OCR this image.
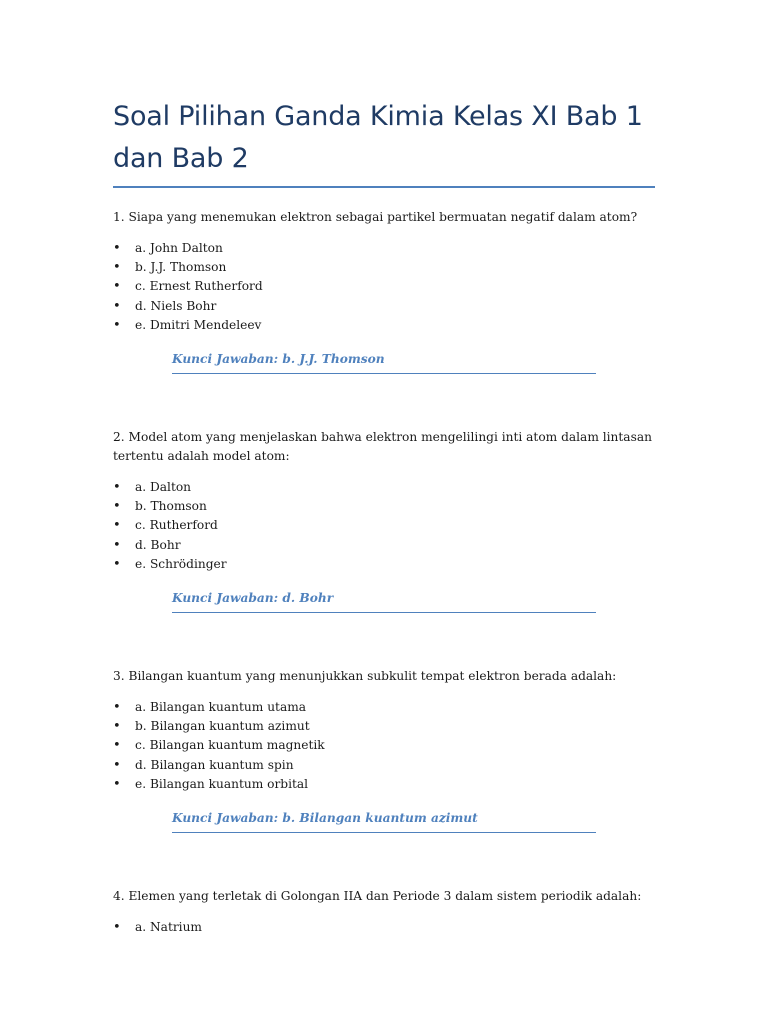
Soal Pilihan Ganda Kimia Kelas XI Bab 1 dan Bab 2

1. Siapa yang menemukan elektron sebagai partikel bermuatan negatif dalam atom?

• a. John Dalton
• b. J.J. Thomson
• c. Ernest Rutherford
• d. Niels Bohr
• e. Dmitri Mendeleev
Kunci Jawaban: b. J.J. Thomson

2. Model atom yang menjelaskan bahwa elektron mengelilingi inti atom dalam lintasan tertentu adalah model atom:

• a. Dalton
• b. Thomson
• c. Rutherford
• d. Bohr
• e. Schrödinger
Kunci Jawaban: d. Bohr

3. Bilangan kuantum yang menunjukkan subkulit tempat elektron berada adalah:

• a. Bilangan kuantum utama
• b. Bilangan kuantum azimut
• c. Bilangan kuantum magnetik
• d. Bilangan kuantum spin
• e. Bilangan kuantum orbital
Kunci Jawaban: b. Bilangan kuantum azimut

4. Elemen yang terletak di Golongan IIA dan Periode 3 dalam sistem periodik adalah:

• a. Natrium
